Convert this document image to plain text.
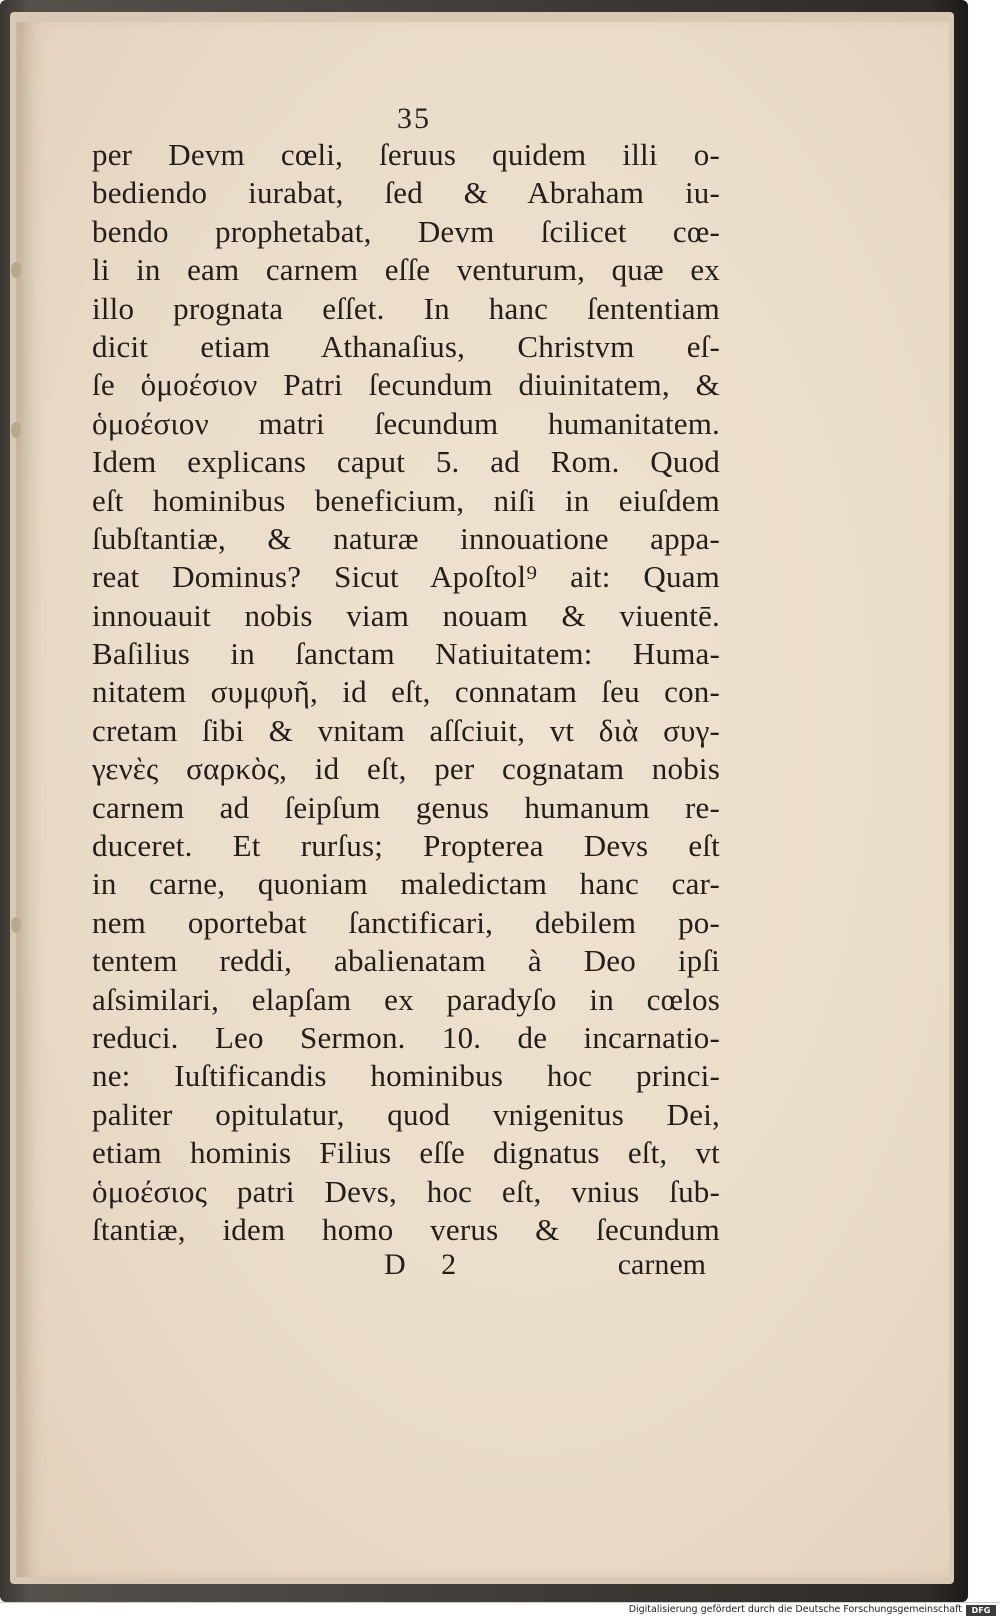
35
per Devm cœli, ſeruus quidem illi o-
bediendo iurabat, ſed & Abraham iu-
bendo prophetabat, Devm ſcilicet cœ-
li in eam carnem eſſe venturum, quæ ex
illo prognata eſſet. In hanc ſententiam
dicit etiam Athanaſius, Christvm eſ-
ſe ὁμοέσιον Patri ſecundum diuinitatem, &
ὁμοέσιον matri ſecundum humanitatem.
Idem explicans caput 5. ad Rom. Quod
eſt hominibus beneficium, niſi in eiuſdem
ſubſtantiæ, & naturæ innouatione appa-
reat Dominus? Sicut Apoſtol⁹ ait: Quam
innouauit nobis viam nouam & viuentē.
Baſilius in ſanctam Natiuitatem: Huma-
nitatem συμφυῆ, id eſt, connatam ſeu con-
cretam ſibi & vnitam aſſciuit, vt διὰ συγ-
γενὲς σαρκὸς, id eſt, per cognatam nobis
carnem ad ſeipſum genus humanum re-
duceret. Et rurſus; Propterea Devs eſt
in carne, quoniam maledictam hanc car-
nem oportebat ſanctificari, debilem po-
tentem reddi, abalienatam à Deo ipſi
aſsimilari, elapſam ex paradyſo in cœlos
reduci. Leo Sermon. 10. de incarnatio-
ne: Iuſtificandis hominibus hoc princi-
paliter opitulatur, quod vnigenitus Dei,
etiam hominis Filius eſſe dignatus eſt, vt
ὁμοέσιος patri Devs, hoc eſt, vnius ſub-
ſtantiæ, idem homo verus & ſecundum
D 2	carnem
Digitalisierung gefördert durch die Deutsche Forschungsgemeinschaft	DFG
